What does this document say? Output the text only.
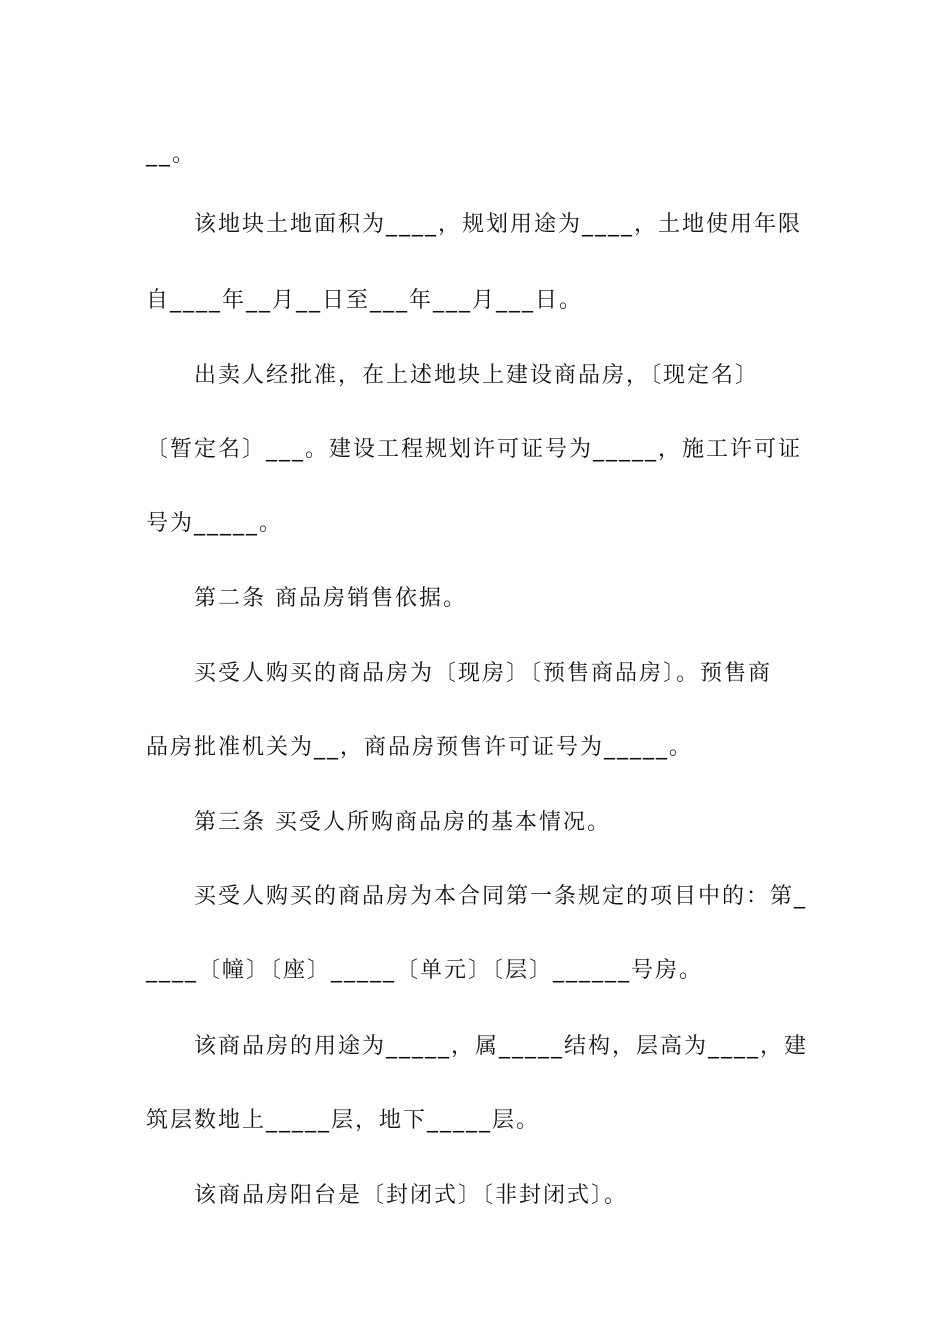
__。
该地块土地面积为____，规划用途为____，土地使用年限
自____年__月__日至___年___月___日。
出卖人经批准，在上述地块上建设商品房，〔现定名〕
〔暂定名〕___。建设工程规划许可证号为_____，施工许可证
号为_____。
第二条 商品房销售依据。
买受人购买的商品房为〔现房〕〔预售商品房〕。预售商
品房批准机关为__，商品房预售许可证号为_____。
第三条 买受人所购商品房的基本情况。
买受人购买的商品房为本合同第一条规定的项目中的：第_
____〔幢〕〔座〕_____〔单元〕〔层〕______号房。
该商品房的用途为_____，属_____结构，层高为____，建
筑层数地上_____层，地下_____层。
该商品房阳台是〔封闭式〕〔非封闭式〕。
